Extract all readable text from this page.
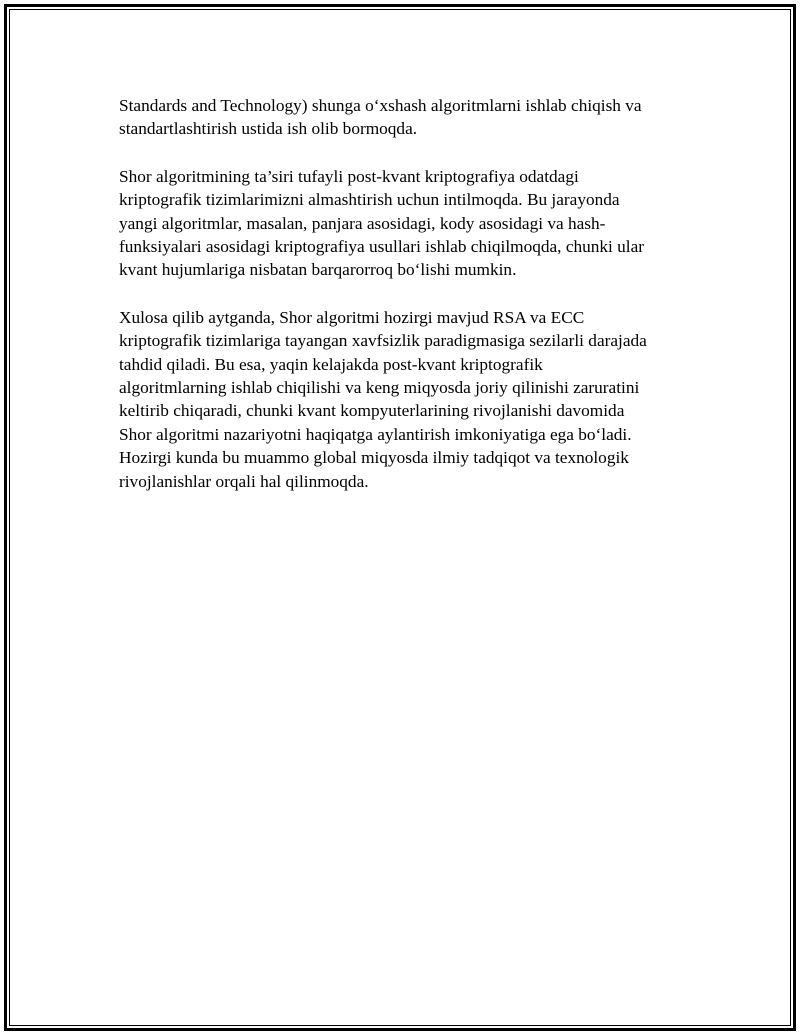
Standards and Technology) shunga o‘xshash algoritmlarni ishlab chiqish va
standartlashtirish ustida ish olib bormoqda.

Shor algoritmining ta’siri tufayli post-kvant kriptografiya odatdagi
kriptografik tizimlarimizni almashtirish uchun intilmoqda. Bu jarayonda
yangi algoritmlar, masalan, panjara asosidagi, kody asosidagi va hash-
funksiyalari asosidagi kriptografiya usullari ishlab chiqilmoqda, chunki ular
kvant hujumlariga nisbatan barqarorroq bo‘lishi mumkin.

Xulosa qilib aytganda, Shor algoritmi hozirgi mavjud RSA va ECC
kriptografik tizimlariga tayangan xavfsizlik paradigmasiga sezilarli darajada
tahdid qiladi. Bu esa, yaqin kelajakda post-kvant kriptografik
algoritmlarning ishlab chiqilishi va keng miqyosda joriy qilinishi zaruratini
keltirib chiqaradi, chunki kvant kompyuterlarining rivojlanishi davomida
Shor algoritmi nazariyotni haqiqatga aylantirish imkoniyatiga ega bo‘ladi.
Hozirgi kunda bu muammo global miqyosda ilmiy tadqiqot va texnologik
rivojlanishlar orqali hal qilinmoqda.
